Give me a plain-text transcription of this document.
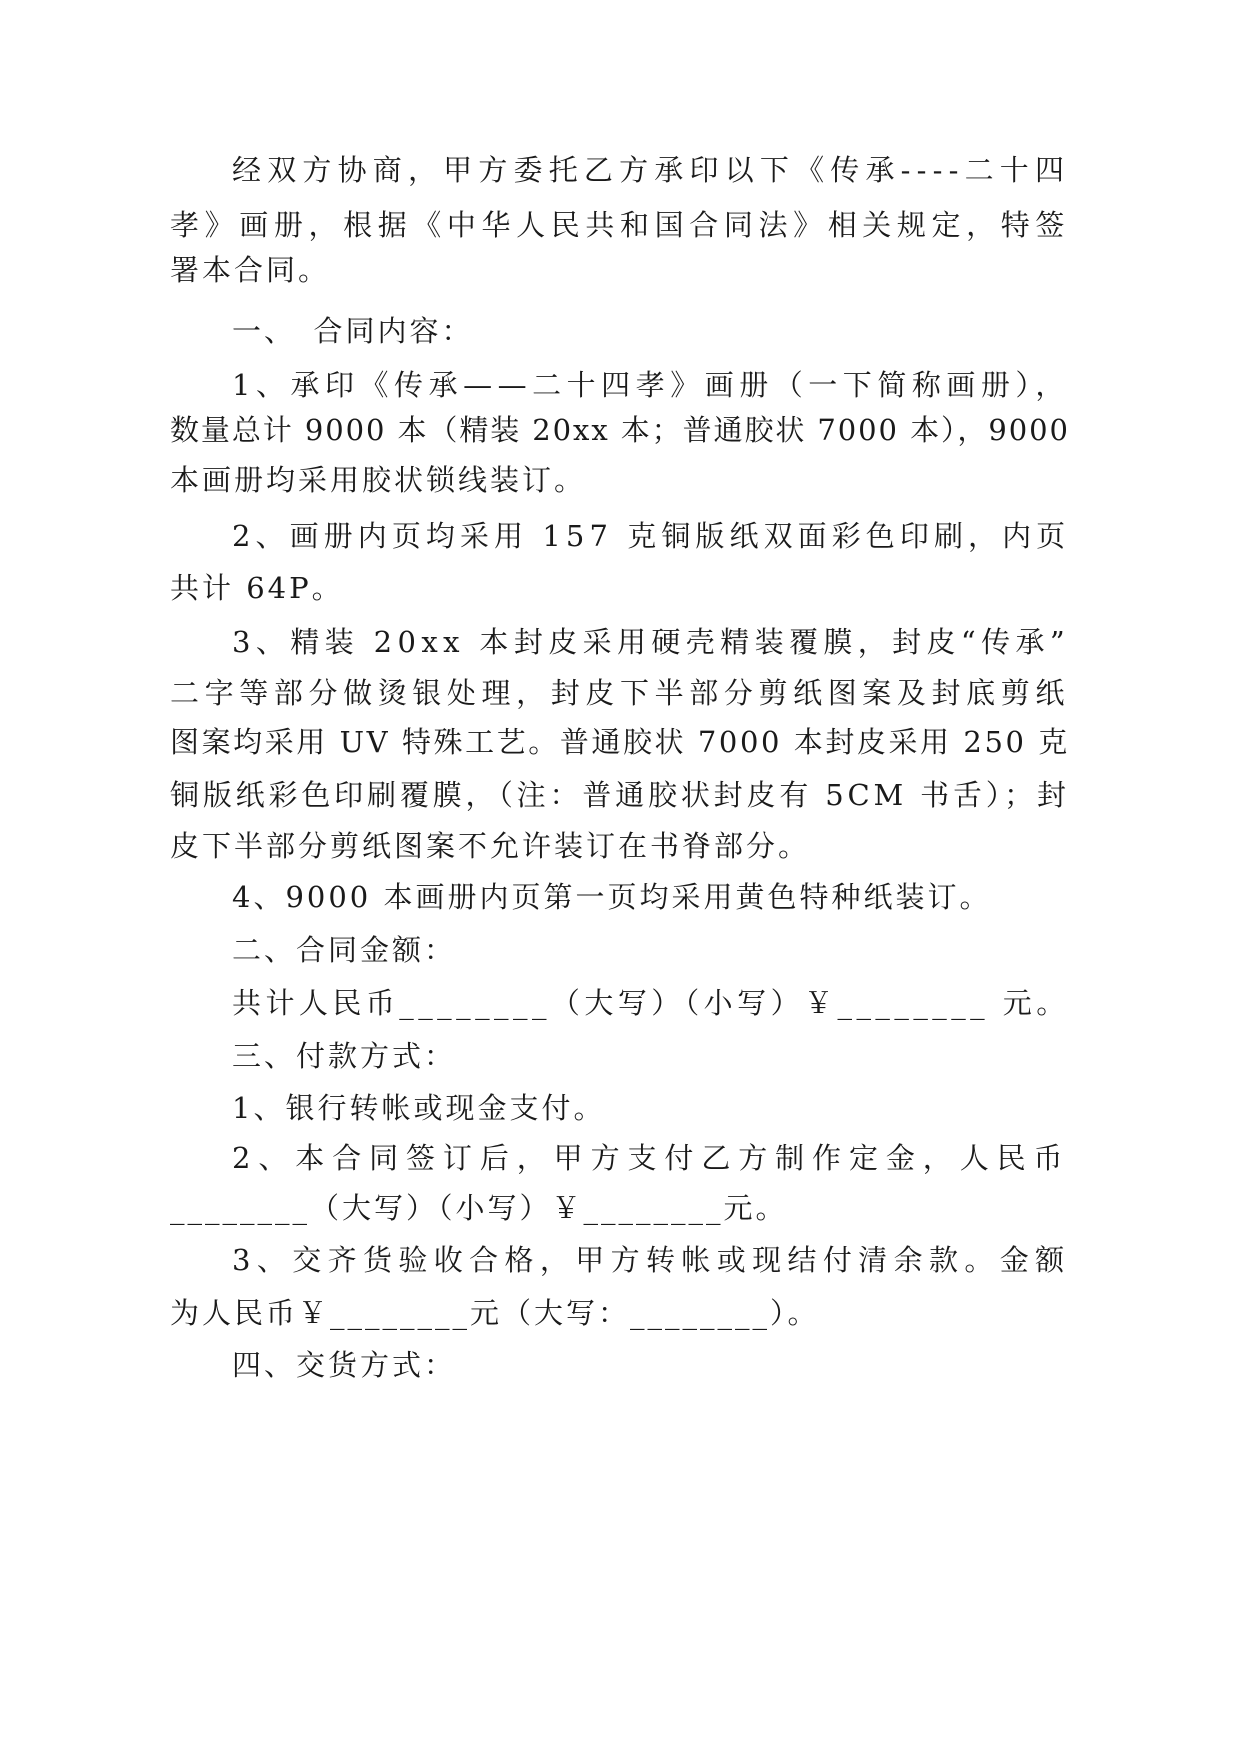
经双方协商，甲方委托乙方承印以下《传承----二十四

孝》画册，根据《中华人民共和国合同法》相关规定，特签

署本合同。

一、　合同内容：

1、承印《传承——二十四孝》画册（一下简称画册），

数量总计 9000 本（精装 20xx 本；普通胶状 7000 本），9000

本画册均采用胶状锁线装订。

2、画册内页均采用 157 克铜版纸双面彩色印刷，内页

共计 64P。

3、精装 20xx 本封皮采用硬壳精装覆膜，封皮“传承”

二字等部分做烫银处理，封皮下半部分剪纸图案及封底剪纸

图案均采用 UV 特殊工艺。普通胶状 7000 本封皮采用 250 克

铜版纸彩色印刷覆膜，（注：普通胶状封皮有 5CM 书舌）；封

皮下半部分剪纸图案不允许装订在书脊部分。

4、9000 本画册内页第一页均采用黄色特种纸装订。

二、合同金额：

共计人民币________（大写）（小写）￥________ 元。

三、付款方式：

1、银行转帐或现金支付。

2、本合同签订后，甲方支付乙方制作定金，人民币

________（大写）（小写）￥________元。

3、交齐货验收合格，甲方转帐或现结付清余款。金额

为人民币￥________元（大写：________）。

四、交货方式：
